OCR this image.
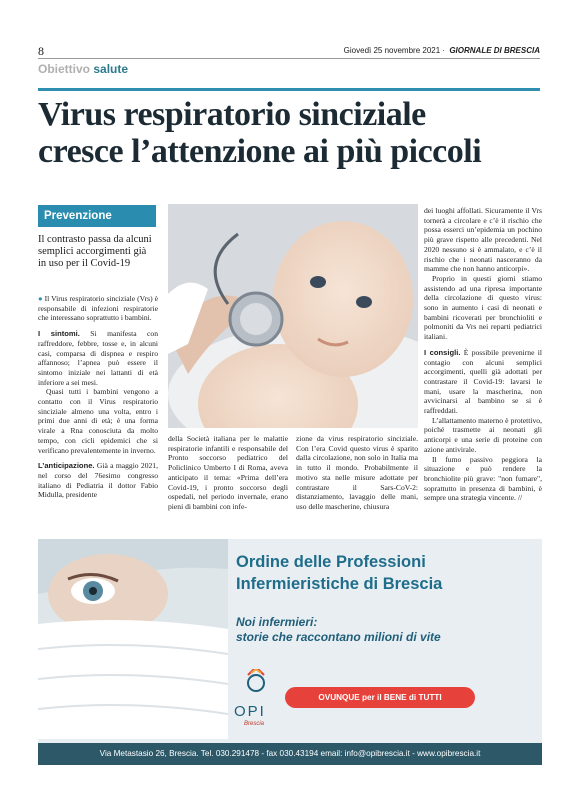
8	Giovedì 25 novembre 2021 · GIORNALE DI BRESCIA
Obiettivo salute
Virus respiratorio sinciziale
cresce l’attenzione ai più piccoli
Prevenzione
Il contrasto passa da alcuni semplici accorgimenti già in uso per il Covid-19

● Il Virus respiratorio sinciziale (Vrs) è responsabile di infezioni respiratorie che interessano soprattutto i bambini.

I sintomi. Si manifesta con raffreddore, febbre, tosse e, in alcuni casi, comparsa di dispnea e respiro affannoso; l’apnea può essere il sintomo iniziale nei lattanti di età inferiore a sei mesi.

Quasi tutti i bambini vengono a contatto con il Virus respiratorio sinciziale almeno una volta, entro i primi due anni di età; è una forma virale a Rna conosciuta da molto tempo, con cicli epidemici che si verificano prevalentemente in inverno.

L’anticipazione. Già a maggio 2021, nel corso del 76esimo congresso italiano di Pediatria il dottor Fabio Midulla, presidente

della Società italiana per le malattie respiratorie infantili e responsabile del Pronto soccorso pediatrico del Policlinico Umberto I di Roma, aveva anticipato il tema: «Prima dell’era Covid-19, i pronto soccorso degli ospedali, nel periodo invernale, erano pieni di bambini con infe-

zione da virus respiratorio sinciziale. Con l’era Covid questo virus è sparito dalla circolazione, non solo in Italia ma in tutto il mondo. Probabilmente il motivo sta nelle misure adottate per contrastare il Sars-CoV-2: distanziamento, lavaggio delle mani, uso delle mascherine, chiusura

dei luoghi affollati. Sicuramente il Vrs tornerà a circolare e c’è il rischio che possa esserci un’epidemia un pochino più grave rispetto alle precedenti. Nel 2020 nessuno si è ammalato, e c’è il rischio che i neonati nasceranno da mamme che non hanno anticorpi».

Proprio in questi giorni stiamo assistendo ad una ripresa importante della circolazione di questo virus: sono in aumento i casi di neonati e bambini ricoverati per bronchioliti e polmoniti da Vrs nei reparti pediatrici italiani.

I consigli. È possibile prevenirne il contagio con alcuni semplici accorgimenti, quelli già adottati per contrastare il Covid-19: lavarsi le mani, usare la mascherina, non avvicinarsi al bambino se si è raffreddati.

L’allattamento materno è protettivo, poiché trasmette ai neonati gli anticorpi e una serie di proteine con azione antivirale.

Il fumo passivo peggiora la situazione e può rendere la bronchiolite più grave: "non fumare", soprattutto in presenza di bambini, è sempre una strategia vincente. //

Ordine delle Professioni
Infermieristiche di Brescia
Noi infermieri:
storie che raccontano milioni di vite
OPI
Brescia
OVUNQUE per il BENE di TUTTI
Via Metastasio 26, Brescia. Tel. 030.291478 - fax 030.43194 email: info@opibrescia.it - www.opibrescia.it
